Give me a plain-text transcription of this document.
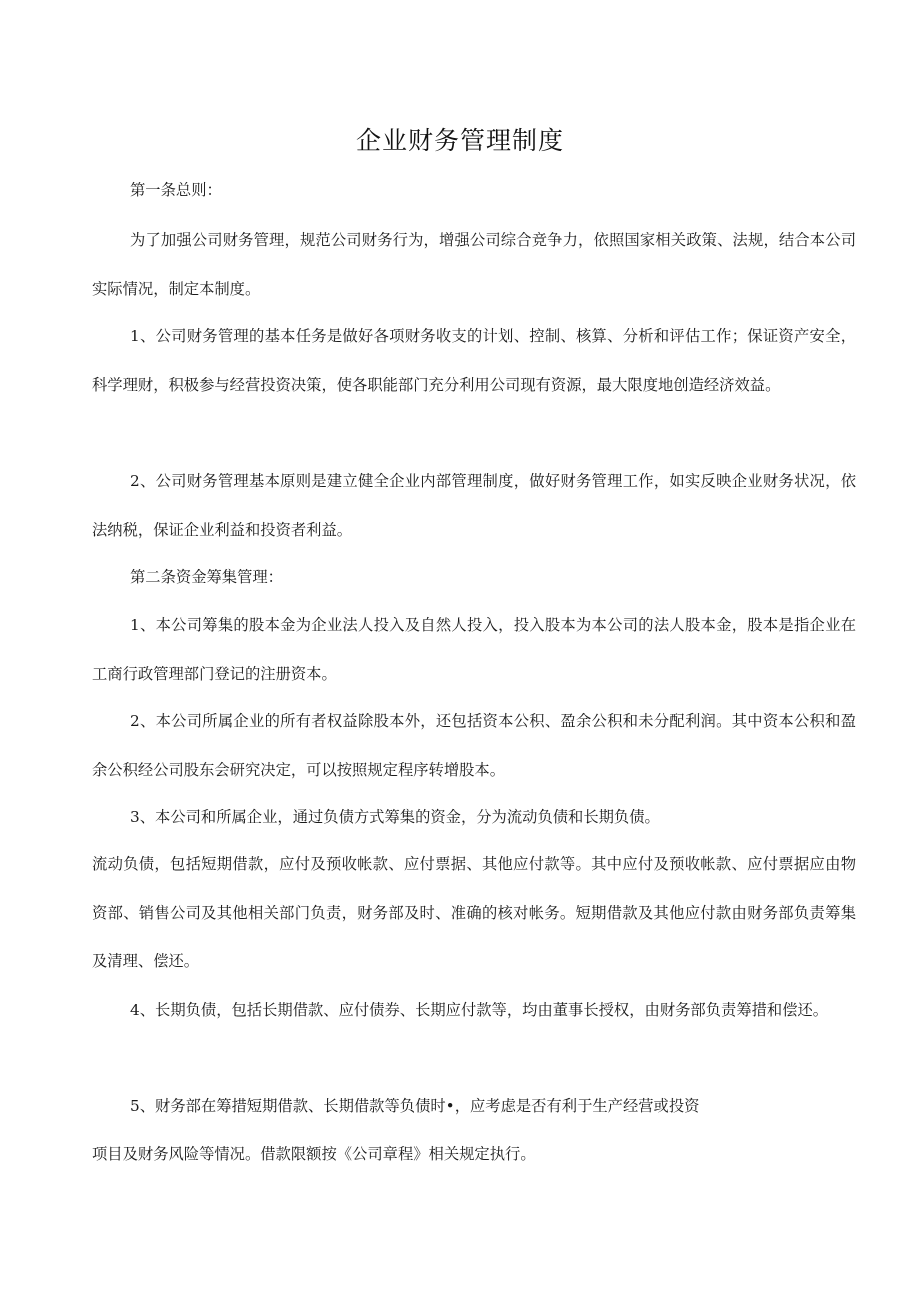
企业财务管理制度

第一条总则：

为了加强公司财务管理，规范公司财务行为，增强公司综合竞争力，依照国家相关政策、法规，结合本公司实际情况，制定本制度。

1、公司财务管理的基本任务是做好各项财务收支的计划、控制、核算、分析和评估工作；保证资产安全，科学理财，积极参与经营投资决策，使各职能部门充分利用公司现有资源，最大限度地创造经济效益。

2、公司财务管理基本原则是建立健全企业内部管理制度，做好财务管理工作，如实反映企业财务状况，依法纳税，保证企业利益和投资者利益。

第二条资金筹集管理：

1、本公司筹集的股本金为企业法人投入及自然人投入，投入股本为本公司的法人股本金，股本是指企业在工商行政管理部门登记的注册资本。

2、本公司所属企业的所有者权益除股本外，还包括资本公积、盈余公积和未分配利润。其中资本公积和盈余公积经公司股东会研究决定，可以按照规定程序转增股本。

3、本公司和所属企业，通过负债方式筹集的资金，分为流动负债和长期负债。

流动负债，包括短期借款，应付及预收帐款、应付票据、其他应付款等。其中应付及预收帐款、应付票据应由物资部、销售公司及其他相关部门负责，财务部及时、准确的核对帐务。短期借款及其他应付款由财务部负责筹集及清理、偿还。

4、长期负债，包括长期借款、应付债券、长期应付款等，均由董事长授权，由财务部负责筹措和偿还。

5、财务部在筹措短期借款、长期借款等负债时•，应考虑是否有利于生产经营或投资

项目及财务风险等情况。借款限额按《公司章程》相关规定执行。
